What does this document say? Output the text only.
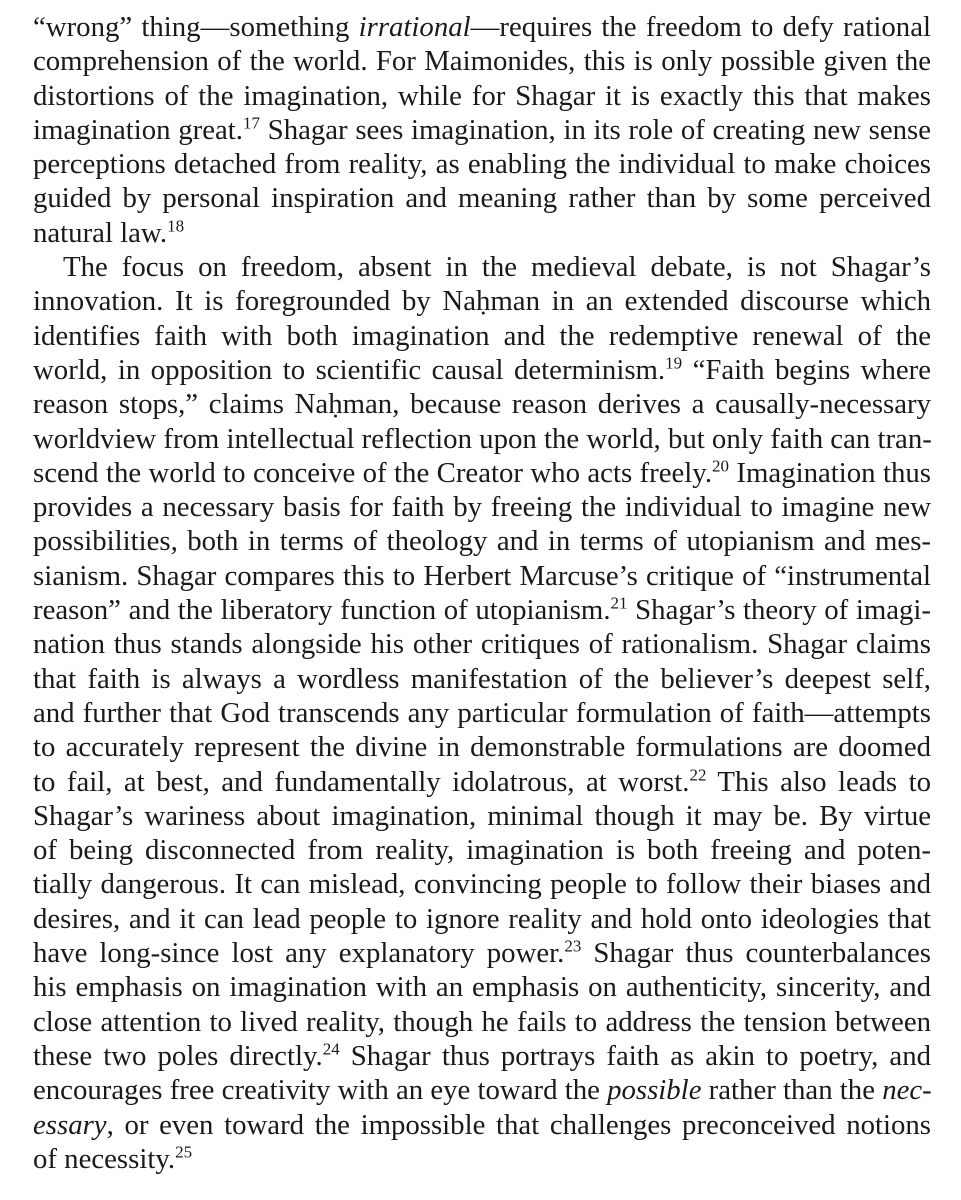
“wrong” thing—something irrational—requires the freedom to defy rational
comprehension of the world. For Maimonides, this is only possible given the
distortions of the imagination, while for Shagar it is exactly this that makes
imagination great.$^{17}$ Shagar sees imagination, in its role of creating new sense
perceptions detached from reality, as enabling the individual to make choices
guided by personal inspiration and meaning rather than by some perceived
natural law.$^{18}$
The focus on freedom, absent in the medieval debate, is not Shagar’s
innovation. It is foregrounded by Naḥman in an extended discourse which
identifies faith with both imagination and the redemptive renewal of the
world, in opposition to scientific causal determinism.$^{19}$ “Faith begins where
reason stops,” claims Naḥman, because reason derives a causally-necessary
worldview from intellectual reflection upon the world, but only faith can tran-
scend the world to conceive of the Creator who acts freely.$^{20}$ Imagination thus
provides a necessary basis for faith by freeing the individual to imagine new
possibilities, both in terms of theology and in terms of utopianism and mes-
sianism. Shagar compares this to Herbert Marcuse’s critique of “instrumental
reason” and the liberatory function of utopianism.$^{21}$ Shagar’s theory of imagi-
nation thus stands alongside his other critiques of rationalism. Shagar claims
that faith is always a wordless manifestation of the believer’s deepest self,
and further that God transcends any particular formulation of faith—attempts
to accurately represent the divine in demonstrable formulations are doomed
to fail, at best, and fundamentally idolatrous, at worst.$^{22}$ This also leads to
Shagar’s wariness about imagination, minimal though it may be. By virtue
of being disconnected from reality, imagination is both freeing and poten-
tially dangerous. It can mislead, convincing people to follow their biases and
desires, and it can lead people to ignore reality and hold onto ideologies that
have long-since lost any explanatory power.$^{23}$ Shagar thus counterbalances
his emphasis on imagination with an emphasis on authenticity, sincerity, and
close attention to lived reality, though he fails to address the tension between
these two poles directly.$^{24}$ Shagar thus portrays faith as akin to poetry, and
encourages free creativity with an eye toward the possible rather than the nec-
essary, or even toward the impossible that challenges preconceived notions
of necessity.$^{25}$
